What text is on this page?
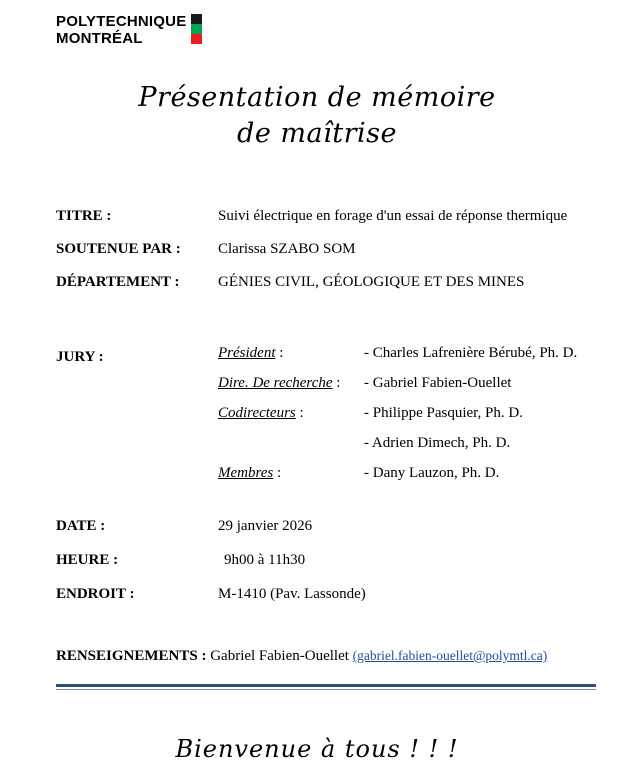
POLYTECHNIQUE
MONTRÉAL
Présentation de mémoire
de maîtrise
TITRE :	Suivi électrique en forage d'un essai de réponse thermique
SOUTENUE PAR :	Clarissa SZABO SOM
DÉPARTEMENT :	GÉNIES CIVIL, GÉOLOGIQUE ET DES MINES
JURY :	Président :	- Charles Lafrenière Bérubé, Ph. D.
Dire. De recherche :	- Gabriel Fabien-Ouellet
Codirecteurs :	- Philippe Pasquier, Ph. D.
- Adrien Dimech, Ph. D.
Membres :	- Dany Lauzon, Ph. D.
DATE :	29 janvier 2026
HEURE :	9h00 à 11h30
ENDROIT :	M-1410 (Pav. Lassonde)
RENSEIGNEMENTS : Gabriel Fabien-Ouellet (gabriel.fabien-ouellet@polymtl.ca)
Bienvenue à tous ! ! !
